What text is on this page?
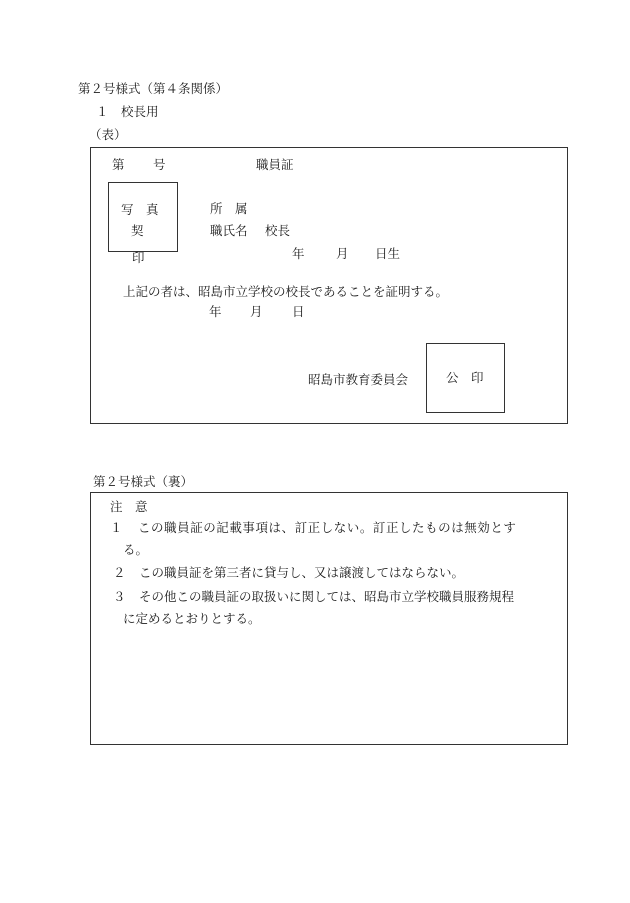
第２号様式（第４条関係）
１　校長用
（表）
第 号	職員証
写　真
契
印
所　属
職氏名 校長
年	月 日生
上記の者は、昭島市立学校の校長であることを証明する。
年 月 日
昭島市教育委員会	公　印
第２号様式（裏）
注　意
１ この職員証の記載事項は、訂正しない。訂正したものは無効とす
る。
２ この職員証を第三者に貸与し、又は譲渡してはならない。
３ その他この職員証の取扱いに関しては、昭島市立学校職員服務規程
に定めるとおりとする。
